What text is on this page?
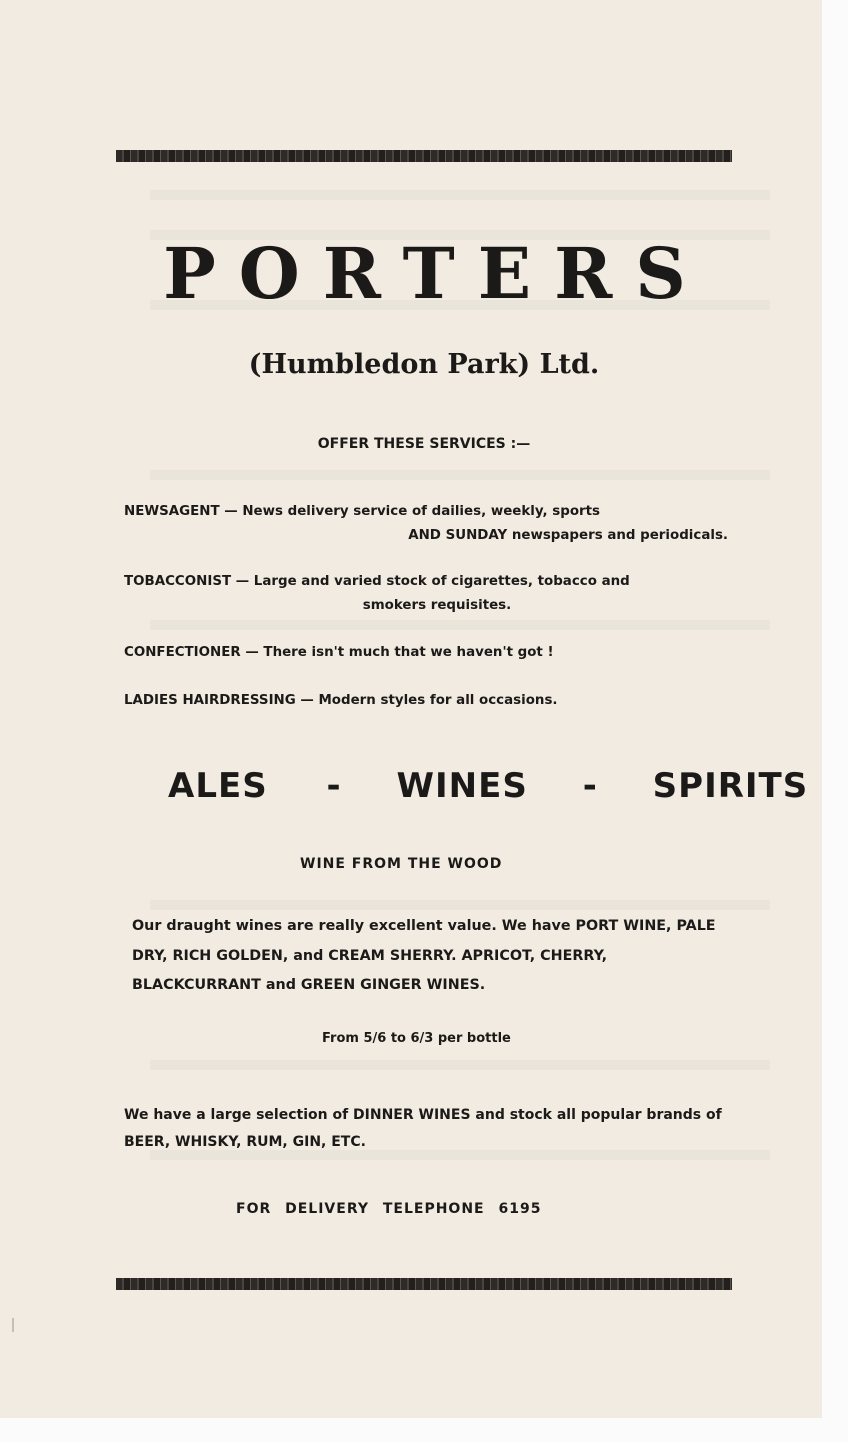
PORTERS
(Humbledon Park) Ltd.
OFFER THESE SERVICES :—
NEWSAGENT — News delivery service of dailies, weekly, sports
AND SUNDAY newspapers and periodicals.
TOBACCONIST — Large and varied stock of cigarettes, tobacco and
smokers requisites.
CONFECTIONER — There isn't much that we haven't got !
LADIES HAIRDRESSING — Modern styles for all occasions.
ALES - WINES - SPIRITS
WINE FROM THE WOOD
Our draught wines are really excellent value. We have PORT WINE, PALE DRY, RICH GOLDEN, and CREAM SHERRY. APRICOT, CHERRY, BLACKCURRANT and GREEN GINGER WINES.
From 5/6 to 6/3 per bottle
We have a large selection of DINNER WINES and stock all popular brands of BEER, WHISKY, RUM, GIN, ETC.
FOR DELIVERY TELEPHONE 6195
